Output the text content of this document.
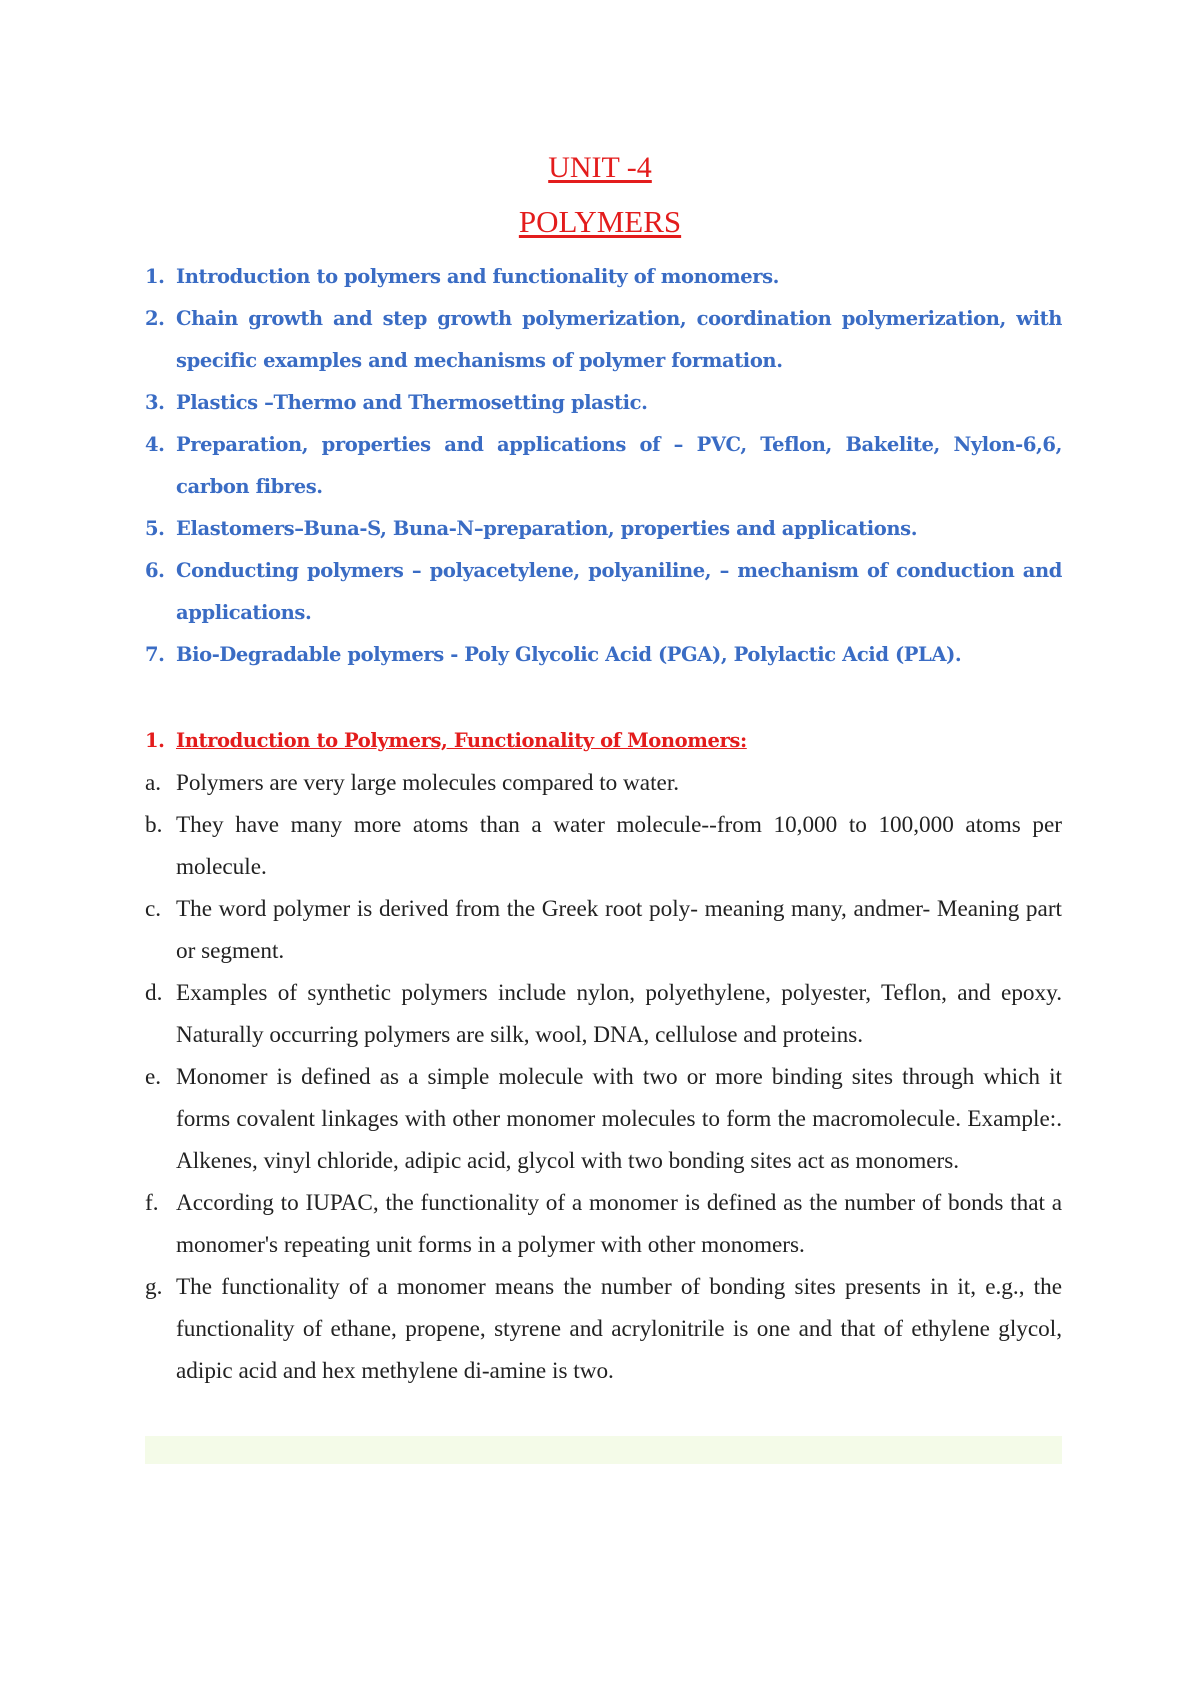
UNIT -4
POLYMERS
1. Introduction to polymers and functionality of monomers.
2. Chain growth and step growth polymerization, coordination polymerization, with specific examples and mechanisms of polymer formation.
3. Plastics –Thermo and Thermosetting plastic.
4. Preparation, properties and applications of – PVC, Teflon, Bakelite, Nylon-6,6, carbon fibres.
5. Elastomers–Buna-S, Buna-N–preparation, properties and applications.
6. Conducting polymers – polyacetylene, polyaniline, – mechanism of conduction and applications.
7. Bio-Degradable polymers - Poly Glycolic Acid (PGA), Polylactic Acid (PLA).
1. Introduction to Polymers, Functionality of Monomers:
a. Polymers are very large molecules compared to water.
b. They have many more atoms than a water molecule--from 10,000 to 100,000 atoms per molecule.
c. The word polymer is derived from the Greek root poly- meaning many, andmer- Meaning part or segment.
d. Examples of synthetic polymers include nylon, polyethylene, polyester, Teflon, and epoxy. Naturally occurring polymers are silk, wool, DNA, cellulose and proteins.
e. Monomer is defined as a simple molecule with two or more binding sites through which it forms covalent linkages with other monomer molecules to form the macromolecule. Example:. Alkenes, vinyl chloride, adipic acid, glycol with two bonding sites act as monomers.
f. According to IUPAC, the functionality of a monomer is defined as the number of bonds that a monomer's repeating unit forms in a polymer with other monomers.
g. The functionality of a monomer means the number of bonding sites presents in it, e.g., the functionality of ethane, propene, styrene and acrylonitrile is one and that of ethylene glycol, adipic acid and hex methylene di-amine is two.
